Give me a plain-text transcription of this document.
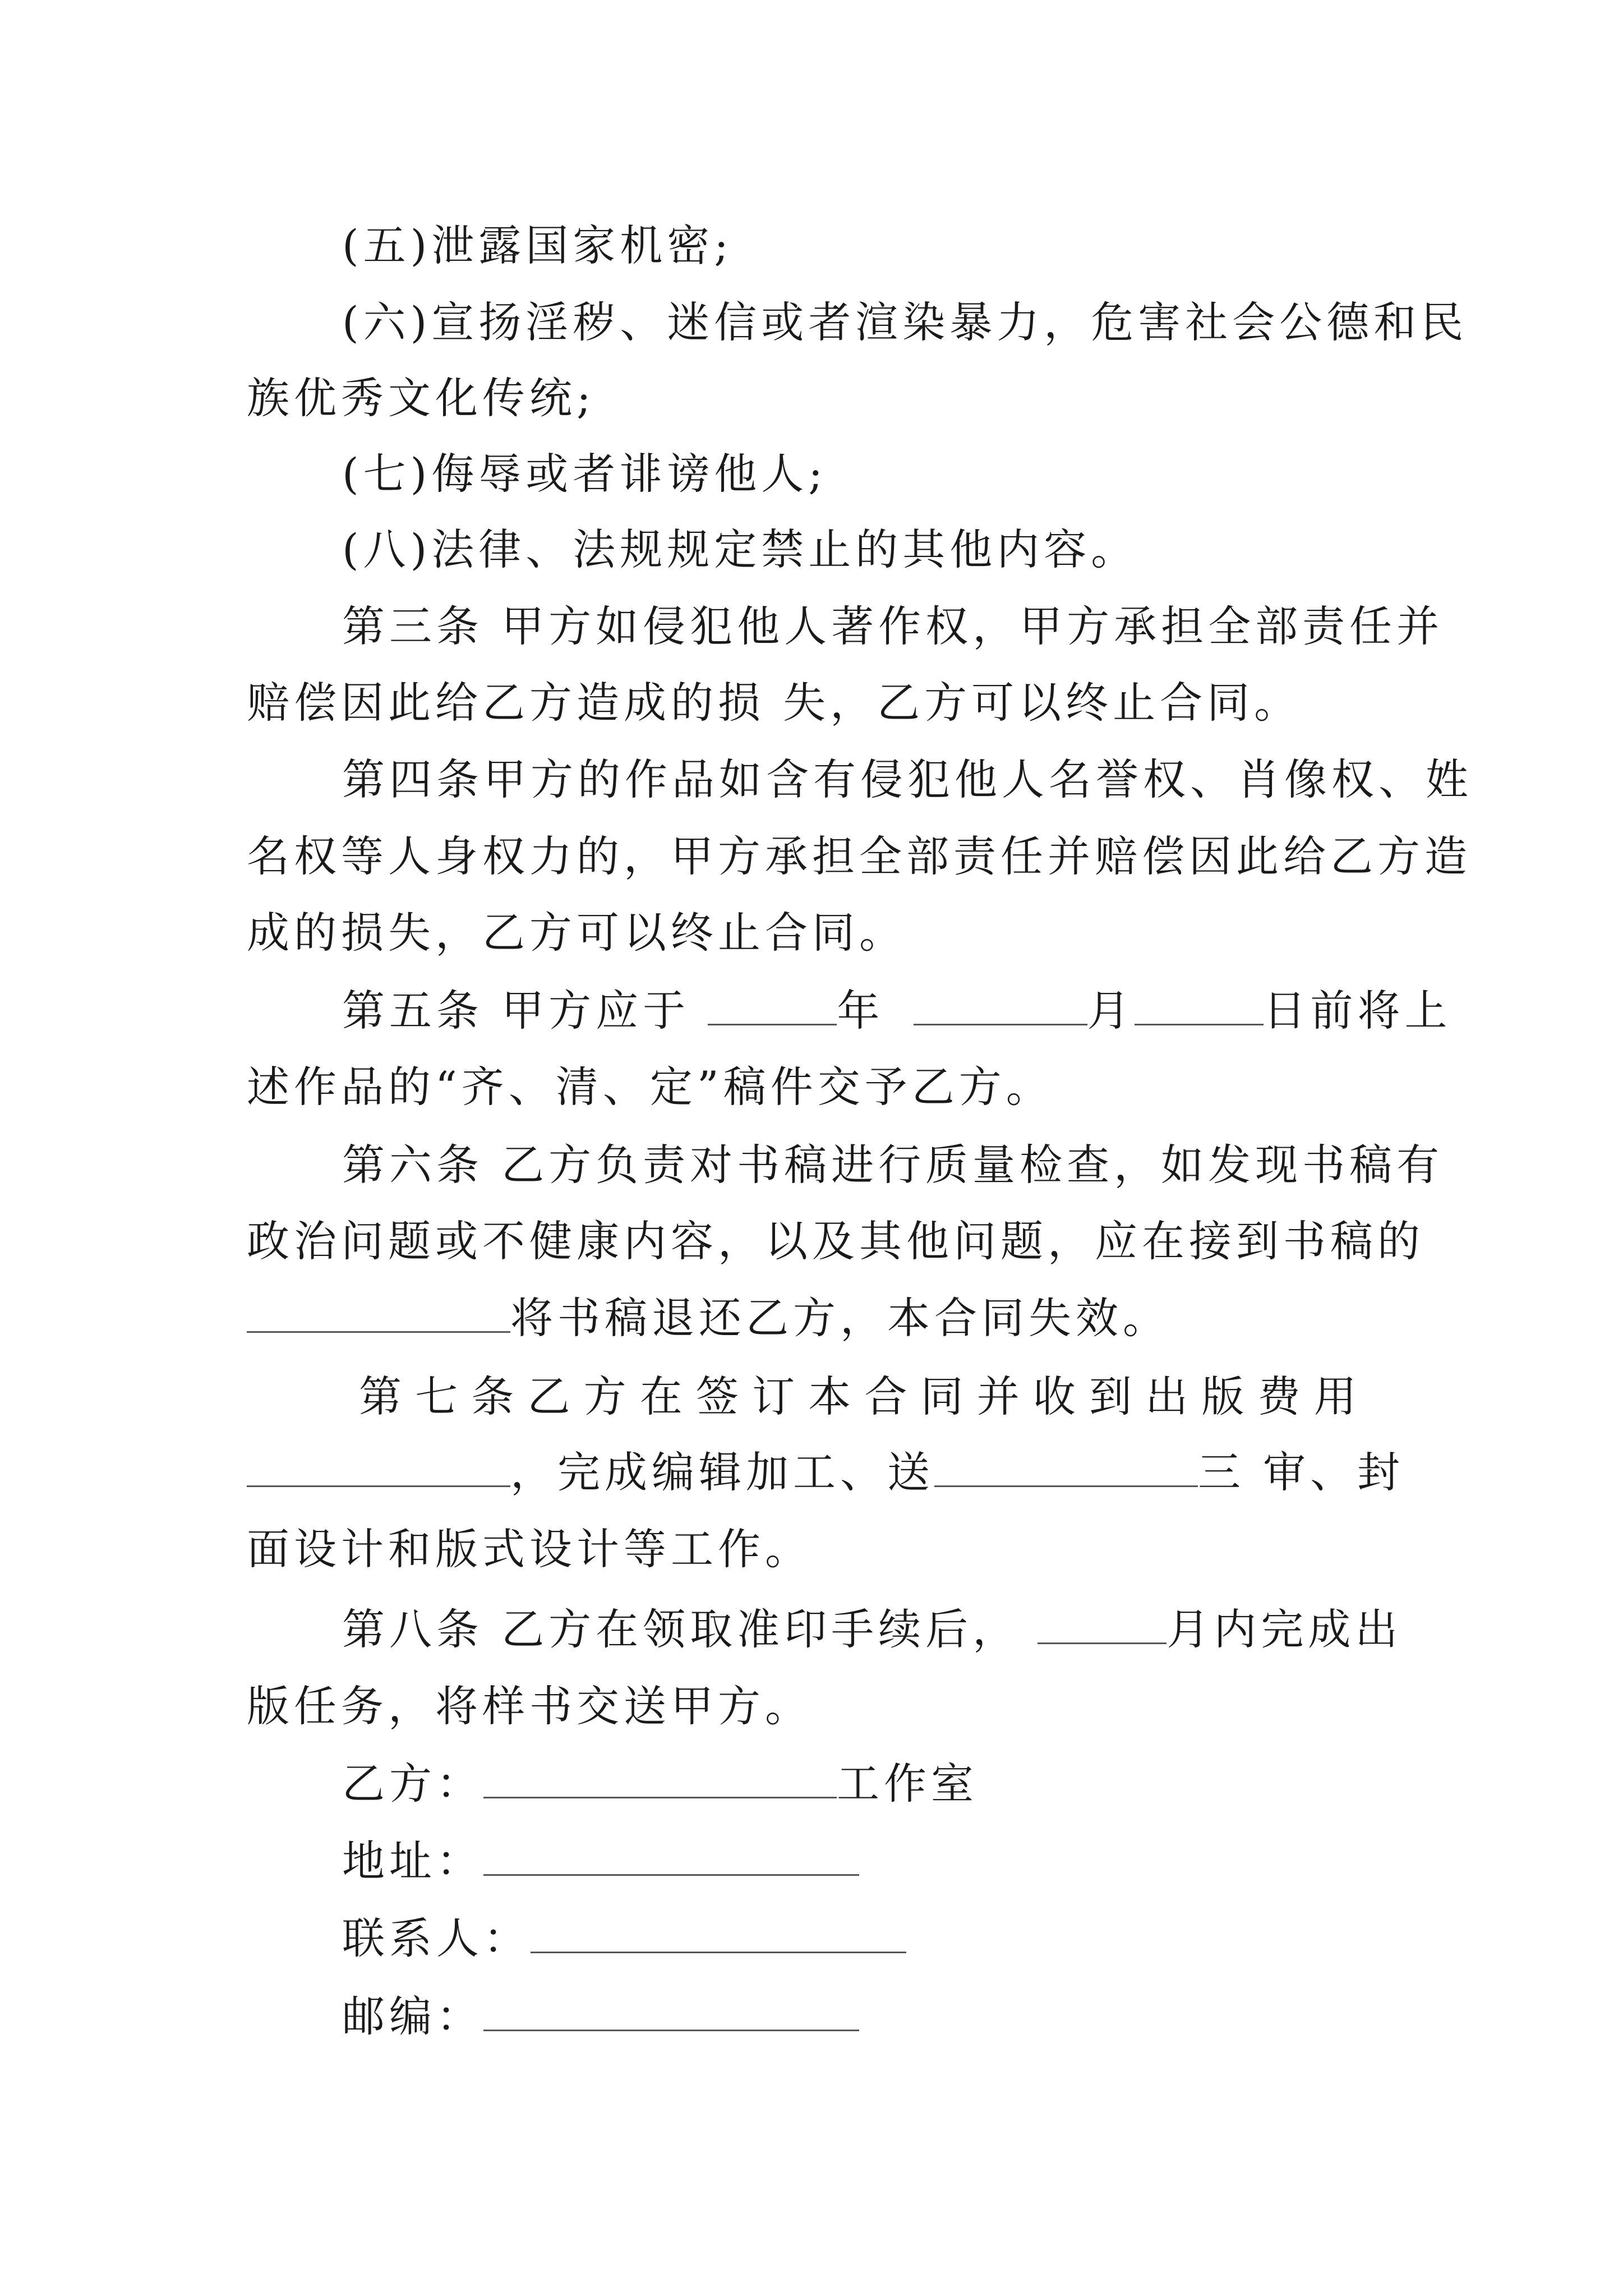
(五)泄露国家机密;
(六)宣扬淫秽、迷信或者渲染暴力，危害社会公德和民
族优秀文化传统;
(七)侮辱或者诽谤他人;
(八)法律、法规规定禁止的其他内容。
第三条 甲方如侵犯他人著作权，甲方承担全部责任并
赔偿因此给乙方造成的损 失，乙方可以终止合同。
第四条甲方的作品如含有侵犯他人名誉权、肖像权、姓
名权等人身权力的，甲方承担全部责任并赔偿因此给乙方造
成的损失，乙方可以终止合同。
第五条 甲方应于	年	月	日前将上
述作品的“齐、清、定”稿件交予乙方。
第六条 乙方负责对书稿进行质量检查，如发现书稿有
政治问题或不健康内容，以及其他问题，应在接到书稿的
将书稿退还乙方，本合同失效。
第 七 条 乙 方 在 签 订 本 合 同 并 收 到 出 版 费 用
，完成编辑加工、送	三 审、封
面设计和版式设计等工作。
第八条 乙方在领取准印手续后，	月内完成出
版任务，将样书交送甲方。
乙方：	工作室
地址：
联系人：
邮编：
